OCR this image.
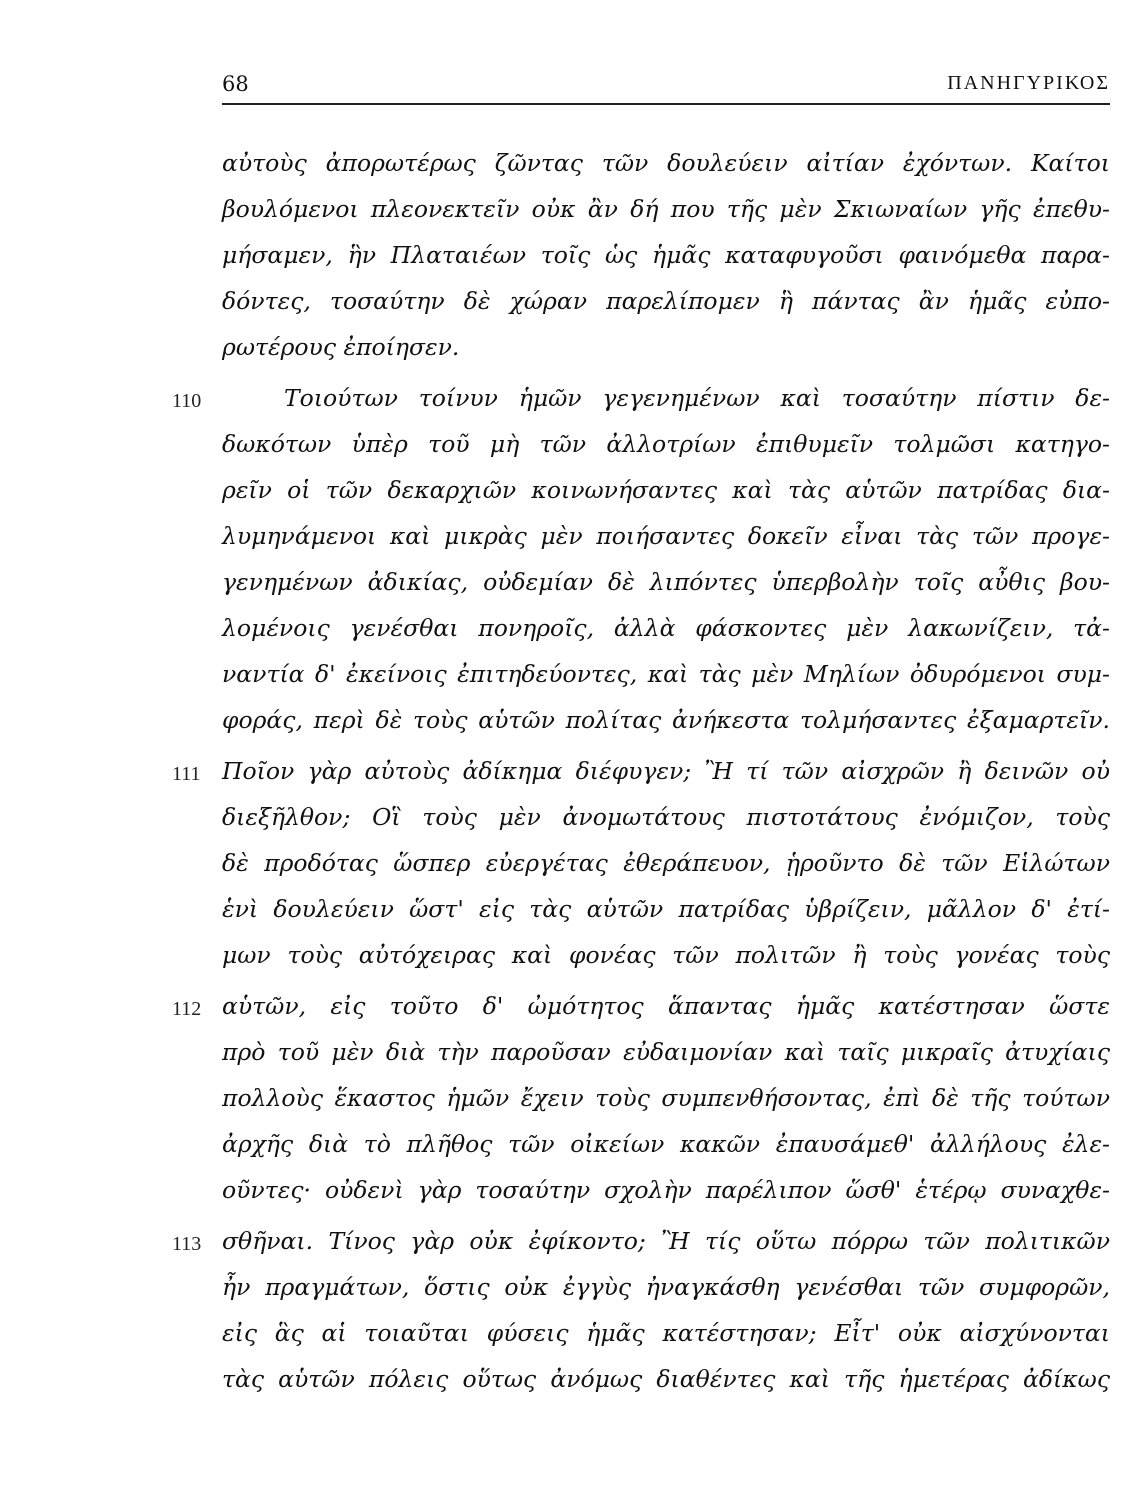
68	ΠΑΝΗΓΥΡΙΚΟΣ
αὐτοὺς ἀπορωτέρως ζῶντας τῶν δουλεύειν αἰτίαν ἐχόντων. Καίτοι
βουλόμενοι πλεονεκτεῖν οὐκ ἂν δή που τῆς μὲν Σκιωναίων γῆς ἐπεθυ-
μήσαμεν, ἣν Πλαταιέων τοῖς ὡς ἡμᾶς καταφυγοῦσι φαινόμεθα παρα-
δόντες, τοσαύτην δὲ χώραν παρελίπομεν ἣ πάντας ἂν ἡμᾶς εὐπο-
ρωτέρους ἐποίησεν.
110	Τοιούτων τοίνυν ἡμῶν γεγενημένων καὶ τοσαύτην πίστιν δε-
δωκότων ὑπὲρ τοῦ μὴ τῶν ἀλλοτρίων ἐπιθυμεῖν τολμῶσι κατηγο-
ρεῖν οἱ τῶν δεκαρχιῶν κοινωνήσαντες καὶ τὰς αὑτῶν πατρίδας δια-
λυμηνάμενοι καὶ μικρὰς μὲν ποιήσαντες δοκεῖν εἶναι τὰς τῶν προγε-
γενημένων ἀδικίας, οὐδεμίαν δὲ λιπόντες ὑπερβολὴν τοῖς αὖθις βου-
λομένοις γενέσθαι πονηροῖς, ἀλλὰ φάσκοντες μὲν λακωνίζειν, τἀ-
ναντία δ' ἐκείνοις ἐπιτηδεύοντες, καὶ τὰς μὲν Μηλίων ὀδυρόμενοι συμ-
φοράς, περὶ δὲ τοὺς αὑτῶν πολίτας ἀνήκεστα τολμήσαντες ἐξαμαρτεῖν.
111 Ποῖον γὰρ αὐτοὺς ἀδίκημα διέφυγεν; Ἢ τί τῶν αἰσχρῶν ἢ δεινῶν οὐ
διεξῆλθον; Οἳ τοὺς μὲν ἀνομωτάτους πιστοτάτους ἐνόμιζον, τοὺς
δὲ προδότας ὥσπερ εὐεργέτας ἐθεράπευον, ᾑροῦντο δὲ τῶν Εἱλώτων
ἑνὶ δουλεύειν ὥστ' εἰς τὰς αὑτῶν πατρίδας ὑβρίζειν, μᾶλλον δ' ἐτί-
μων τοὺς αὐτόχειρας καὶ φονέας τῶν πολιτῶν ἢ τοὺς γονέας τοὺς
112 αὑτῶν, εἰς τοῦτο δ' ὠμότητος ἅπαντας ἡμᾶς κατέστησαν ὥστε
πρὸ τοῦ μὲν διὰ τὴν παροῦσαν εὐδαιμονίαν καὶ ταῖς μικραῖς ἀτυχίαις
πολλοὺς ἕκαστος ἡμῶν ἔχειν τοὺς συμπενθήσοντας, ἐπὶ δὲ τῆς τούτων
ἀρχῆς διὰ τὸ πλῆθος τῶν οἰκείων κακῶν ἐπαυσάμεθ' ἀλλήλους ἐλε-
οῦντες· οὐδενὶ γὰρ τοσαύτην σχολὴν παρέλιπον ὥσθ' ἑτέρῳ συναχθε-
113 σθῆναι. Τίνος γὰρ οὐκ ἐφίκοντο; Ἢ τίς οὕτω πόρρω τῶν πολιτικῶν
ἦν πραγμάτων, ὅστις οὐκ ἐγγὺς ἠναγκάσθη γενέσθαι τῶν συμφορῶν,
εἰς ἃς αἱ τοιαῦται φύσεις ἡμᾶς κατέστησαν; Εἶτ' οὐκ αἰσχύνονται
τὰς αὑτῶν πόλεις οὕτως ἀνόμως διαθέντες καὶ τῆς ἡμετέρας ἀδίκως
